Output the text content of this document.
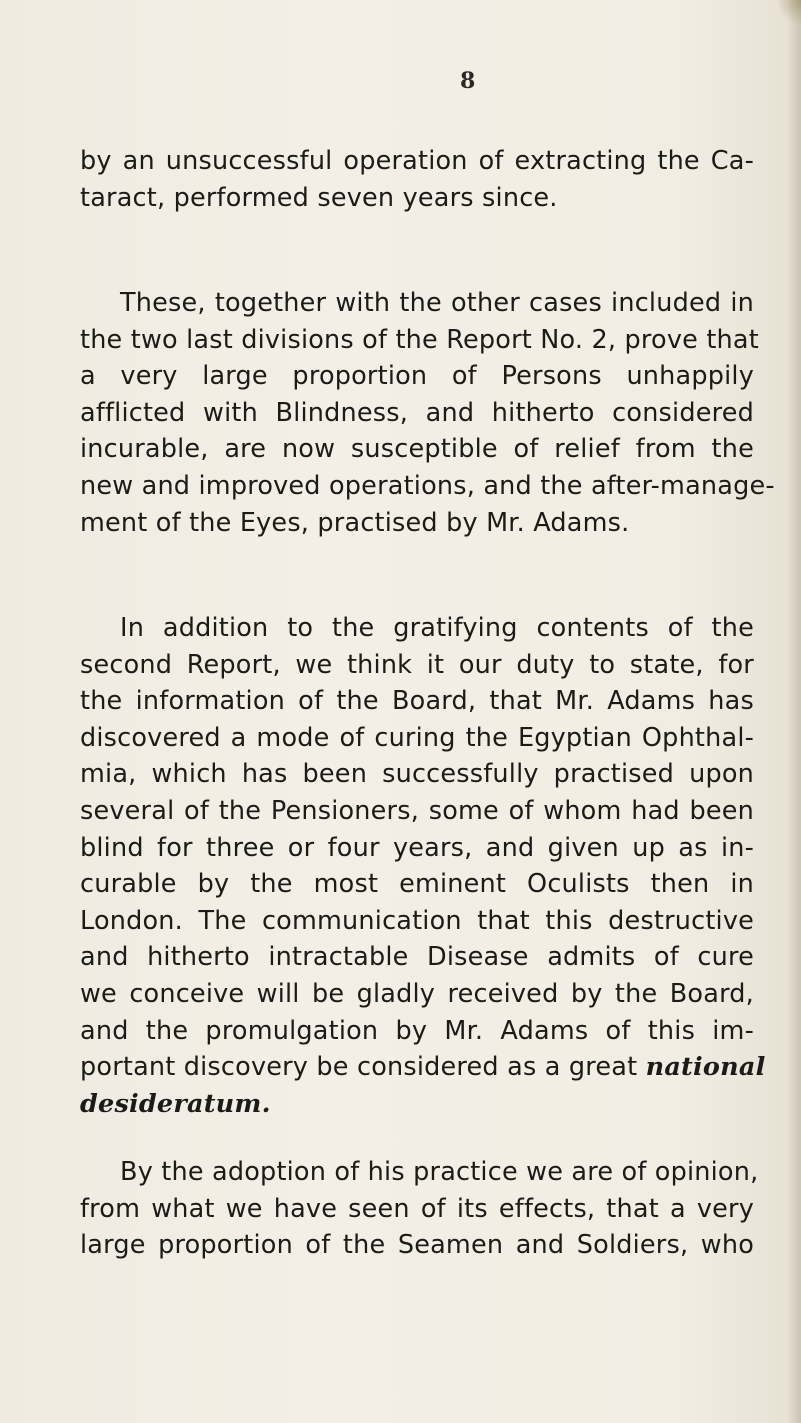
8
by an unsuccessful operation of extracting the Ca-
taract, performed seven years since.
These, together with the other cases included in
the two last divisions of the Report No. 2, prove that
a very large proportion of Persons unhappily
afflicted with Blindness, and hitherto considered
incurable, are now susceptible of relief from the
new and improved operations, and the after-manage-
ment of the Eyes, practised by Mr. Adams.
In addition to the gratifying contents of the
second Report, we think it our duty to state, for
the information of the Board, that Mr. Adams has
discovered a mode of curing the Egyptian Ophthal-
mia, which has been successfully practised upon
several of the Pensioners, some of whom had been
blind for three or four years, and given up as in-
curable by the most eminent Oculists then in
London. The communication that this destructive
and hitherto intractable Disease admits of cure
we conceive will be gladly received by the Board,
and the promulgation by Mr. Adams of this im-
portant discovery be considered as a great national
desideratum.
By the adoption of his practice we are of opinion,
from what we have seen of its effects, that a very
large proportion of the Seamen and Soldiers, who
